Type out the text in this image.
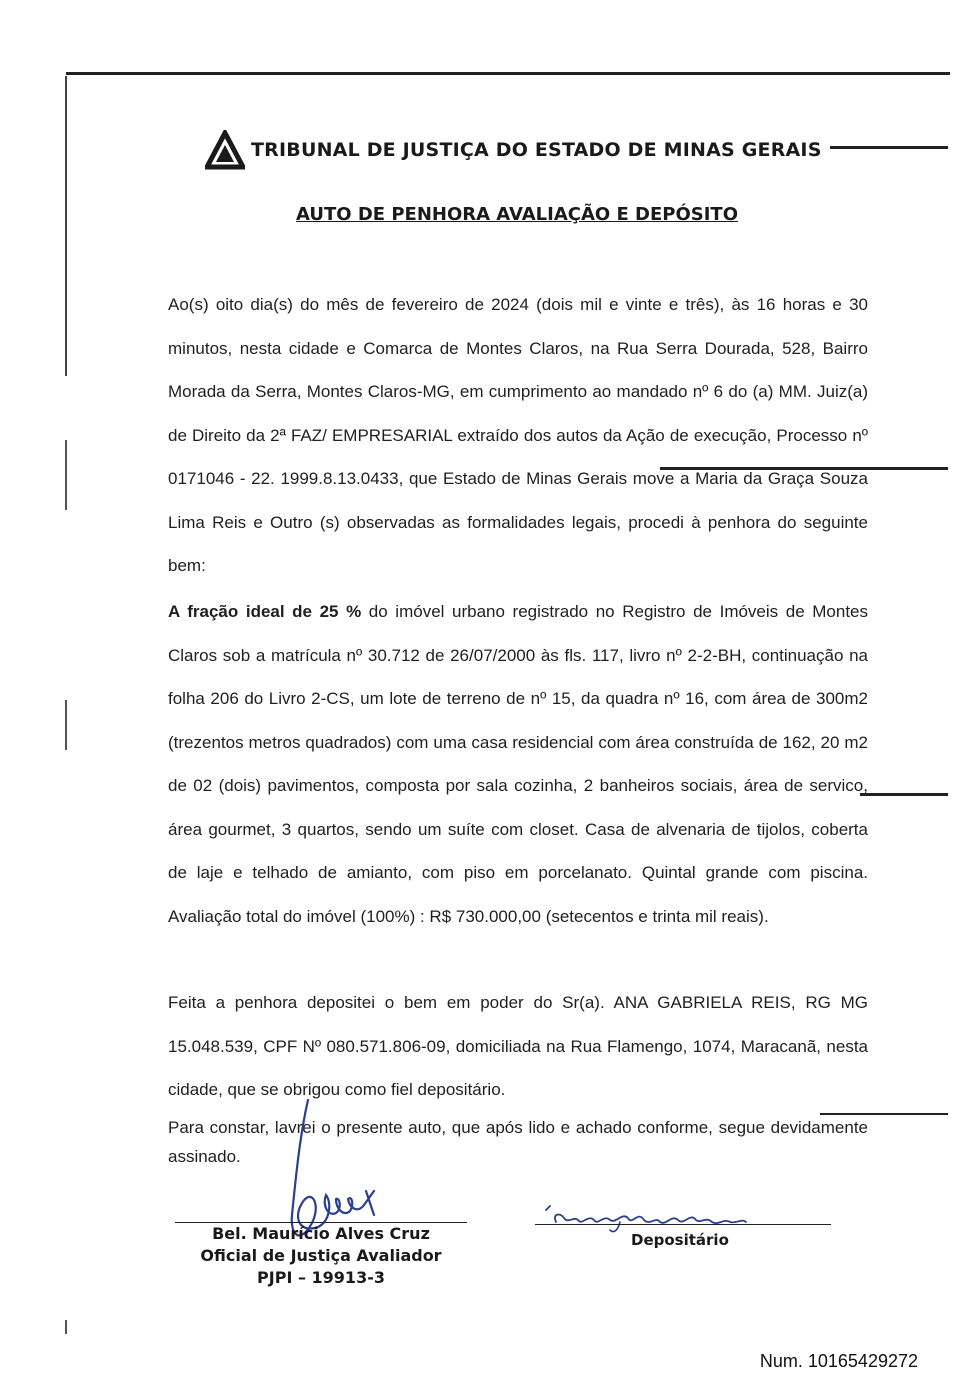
TRIBUNAL DE JUSTIÇA DO ESTADO DE MINAS GERAIS
AUTO DE PENHORA AVALIAÇÃO E DEPÓSITO
Ao(s) oito dia(s) do mês de fevereiro de 2024 (dois mil e vinte e três), às 16 horas e 30 minutos, nesta cidade e Comarca de Montes Claros, na Rua Serra Dourada, 528, Bairro Morada da Serra, Montes Claros-MG, em cumprimento ao mandado nº 6 do (a) MM. Juiz(a) de Direito da 2ª FAZ/ EMPRESARIAL extraído dos autos da Ação de execução, Processo nº 0171046 - 22. 1999.8.13.0433, que Estado de Minas Gerais move a Maria da Graça Souza Lima Reis e Outro (s) observadas as formalidades legais, procedi à penhora do seguinte bem:
A fração ideal de 25 % do imóvel urbano registrado no Registro de Imóveis de Montes Claros sob a matrícula nº 30.712 de 26/07/2000 às fls. 117, livro nº 2-2-BH, continuação na folha 206 do Livro 2-CS, um lote de terreno de nº 15, da quadra nº 16, com área de 300m2 (trezentos metros quadrados) com uma casa residencial com área construída de 162, 20 m2 de 02 (dois) pavimentos, composta por sala cozinha, 2 banheiros sociais, área de servico, área gourmet, 3 quartos, sendo um suíte com closet. Casa de alvenaria de tijolos, coberta de laje e telhado de amianto, com piso em porcelanato. Quintal grande com piscina. Avaliação total do imóvel (100%) : R$ 730.000,00 (setecentos e trinta mil reais).
Feita a penhora depositei o bem em poder do Sr(a). ANA GABRIELA REIS, RG MG 15.048.539, CPF Nº 080.571.806-09, domiciliada na Rua Flamengo, 1074, Maracanã, nesta cidade, que se obrigou como fiel depositário.
Para constar, lavrei o presente auto, que após lido e achado conforme, segue devidamente assinado.
Bel. Maurício Alves Cruz
Oficial de Justiça Avaliador
PJPI – 19913-3
Depositário
Num. 10165429272
